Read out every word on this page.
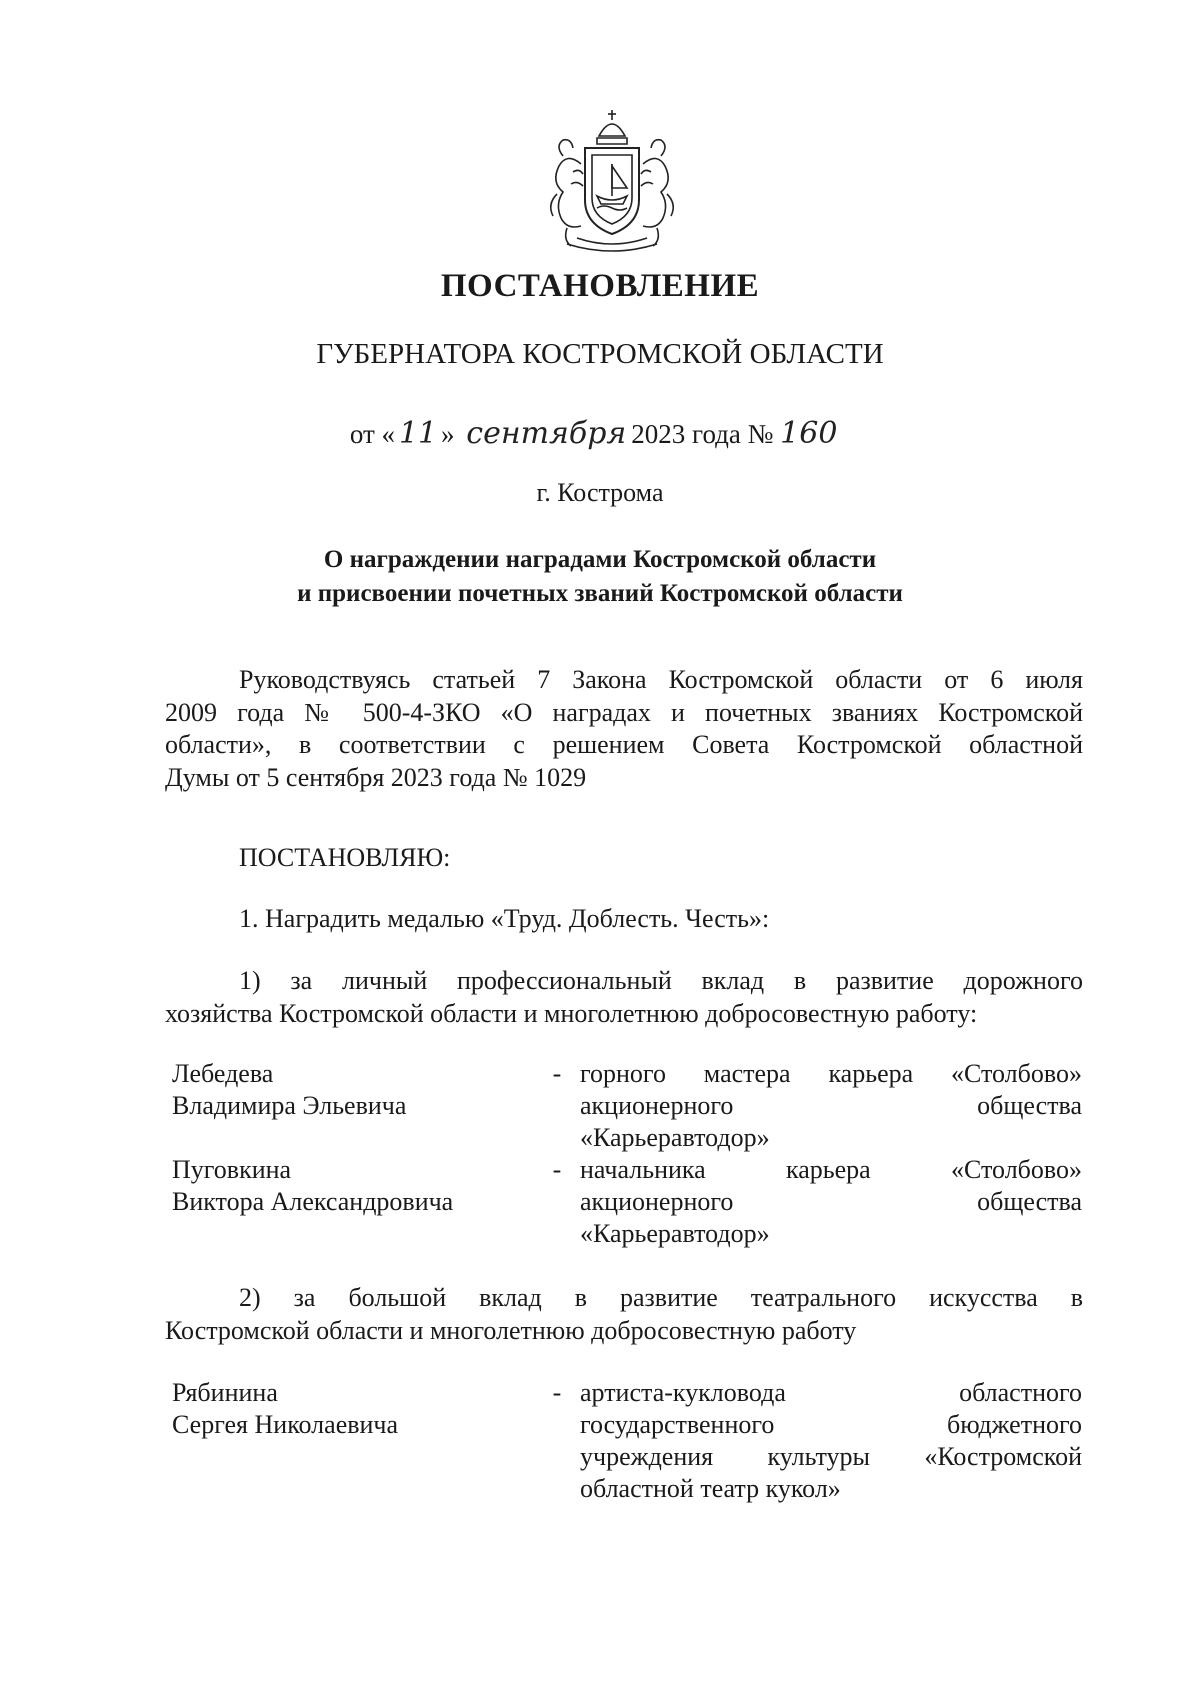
ПОСТАНОВЛЕНИЕ
ГУБЕРНАТОРА КОСТРОМСКОЙ ОБЛАСТИ
от « 11 » сентября 2023 года № 160
г. Кострома
О награждении наградами Костромской области
и присвоении почетных званий Костромской области
Руководствуясь статьей 7 Закона Костромской области от 6 июля
2009 года № 500-4-ЗКО «О наградах и почетных званиях Костромской
области», в соответствии с решением Совета Костромской областной
Думы от 5 сентября 2023 года № 1029
ПОСТАНОВЛЯЮ:
1. Наградить медалью «Труд. Доблесть. Честь»:
1) за личный профессиональный вклад в развитие дорожного
хозяйства Костромской области и многолетнюю добросовестную работу:
Лебедева
Владимира Эльевича
- горного мастера карьера «Столбово»
акционерного общества
«Карьеравтодор»
Пуговкина
Виктора Александровича
- начальника карьера «Столбово»
акционерного общества
«Карьеравтодор»
2) за большой вклад в развитие театрального искусства в
Костромской области и многолетнюю добросовестную работу
Рябинина
Сергея Николаевича
- артиста-кукловода областного
государственного бюджетного
учреждения культуры «Костромской
областной театр кукол»
